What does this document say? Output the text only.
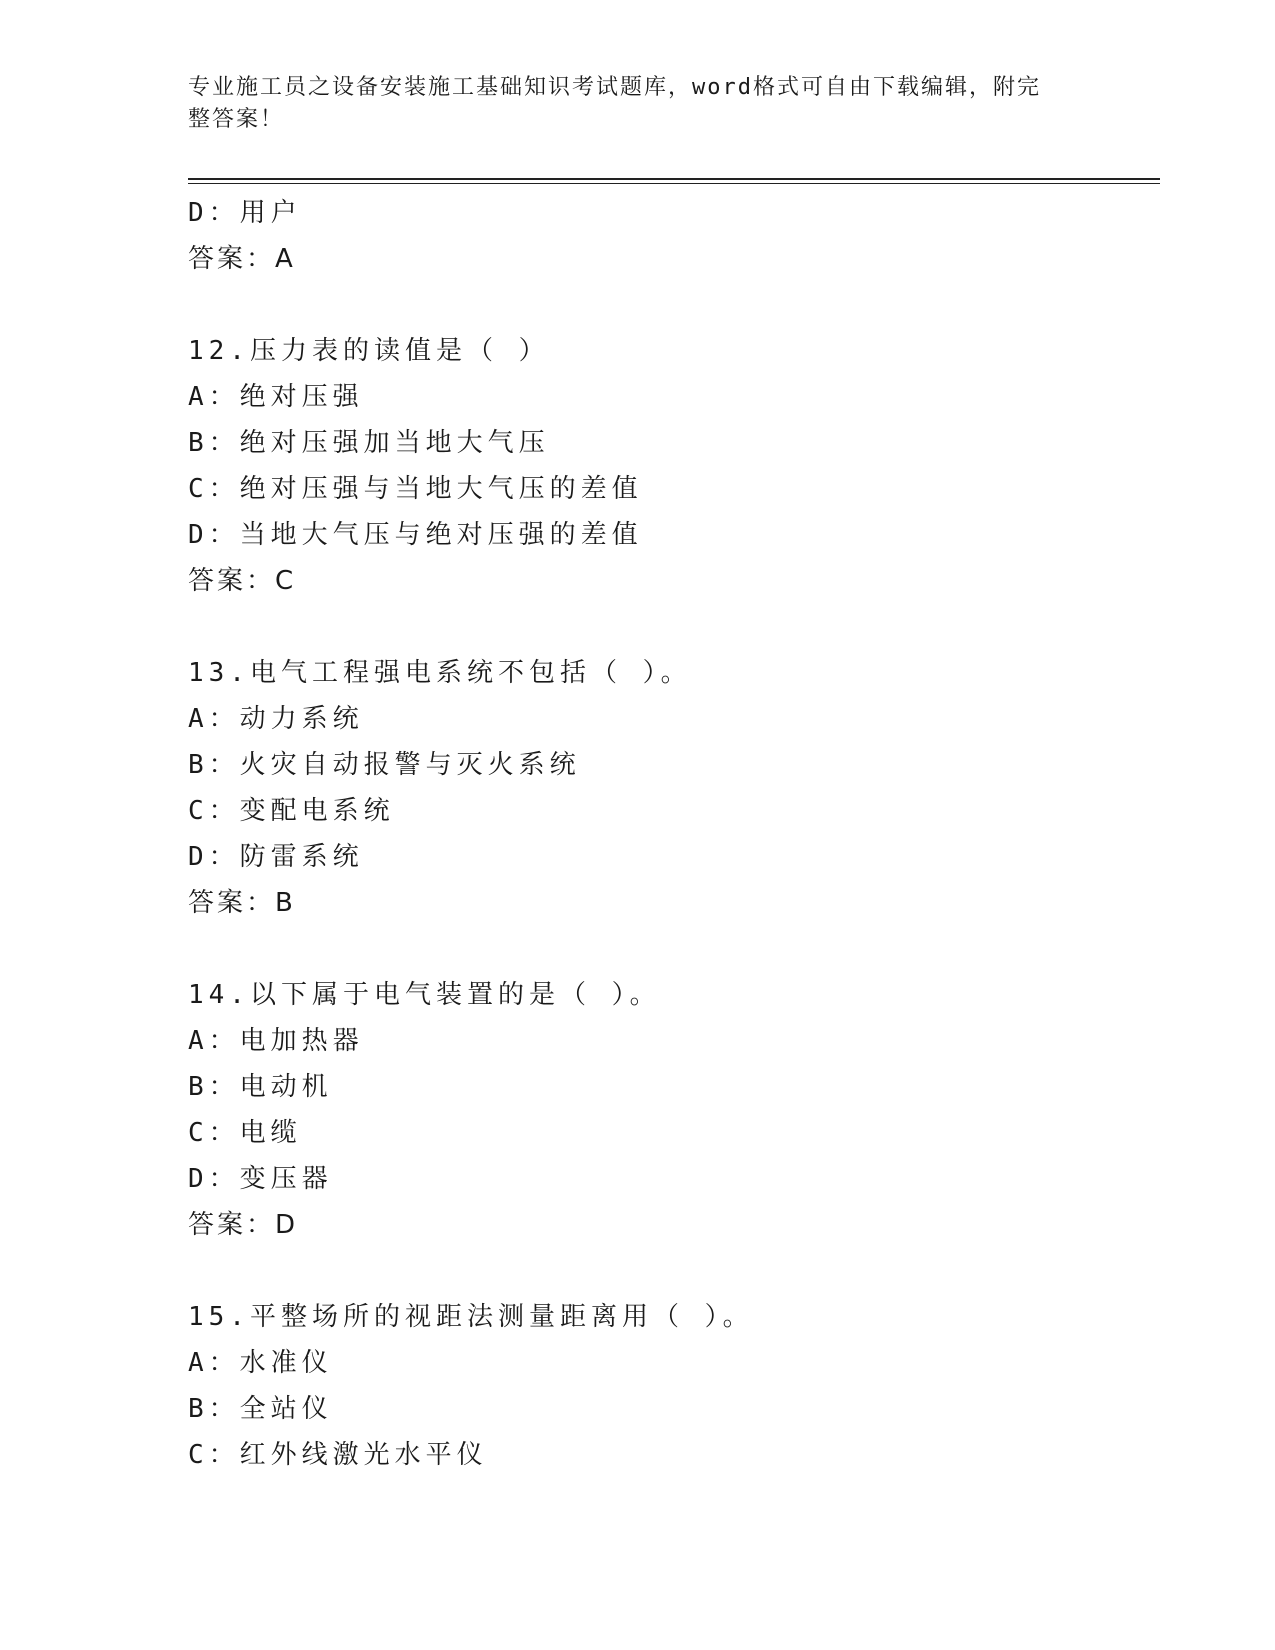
专业施工员之设备安装施工基础知识考试题库，word格式可自由下载编辑，附完
整答案！
D：用户
答案：A
12.压力表的读值是（ ）
A：绝对压强
B：绝对压强加当地大气压
C：绝对压强与当地大气压的差值
D：当地大气压与绝对压强的差值
答案：C
13.电气工程强电系统不包括（ ）。
A：动力系统
B：火灾自动报警与灭火系统
C：变配电系统
D：防雷系统
答案：B
14.以下属于电气装置的是（ ）。
A：电加热器
B：电动机
C：电缆
D：变压器
答案：D
15.平整场所的视距法测量距离用（ ）。
A：水准仪
B：全站仪
C：红外线激光水平仪
